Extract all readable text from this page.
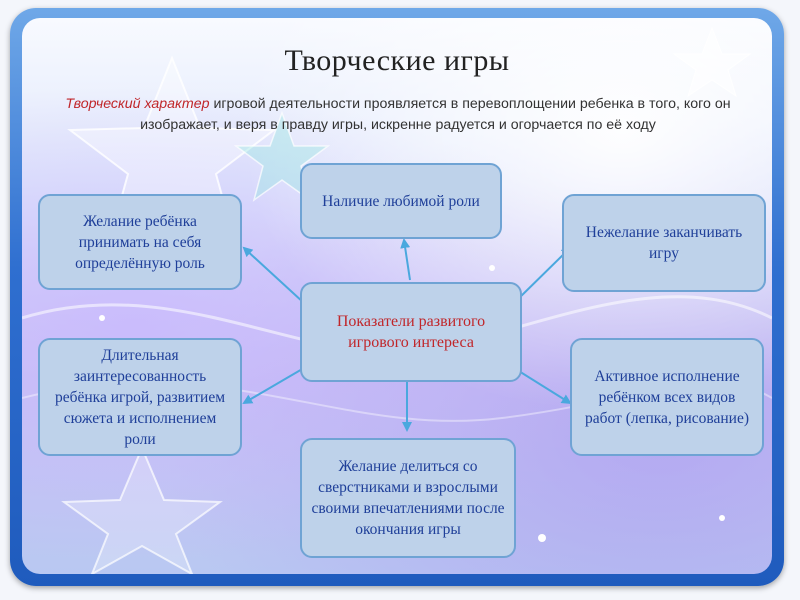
Творческие игры
Творческий характер игровой деятельности проявляется в перевоплощении ребенка в того, кого он изображает, и веря в правду игры, искренне радуется и огорчается по её ходу
Наличие любимой роли
Желание ребёнка принимать на себя определённую роль
Нежелание заканчивать игру
Показатели развитого игрового интереса
Длительная заинтересованность ребёнка игрой, развитием сюжета и исполнением роли
Активное исполнение ребёнком всех видов работ (лепка, рисование)
Желание делиться со сверстниками и взрослыми своими впечатлениями после окончания игры
